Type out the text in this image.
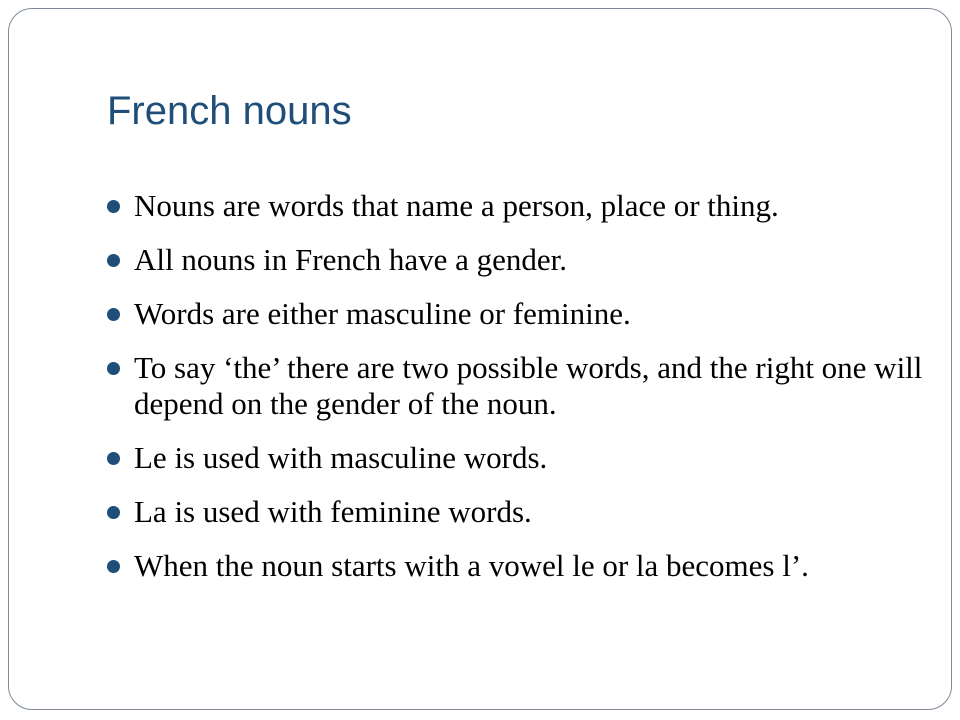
French nouns
Nouns are words that name a person, place or thing.
All nouns in French have a gender.
Words are either masculine or feminine.
To say ‘the’ there are two possible words, and the right one will depend on the gender of the noun.
Le is used with masculine words.
La is used with feminine words.
When the noun starts with a vowel le or la becomes l’.
